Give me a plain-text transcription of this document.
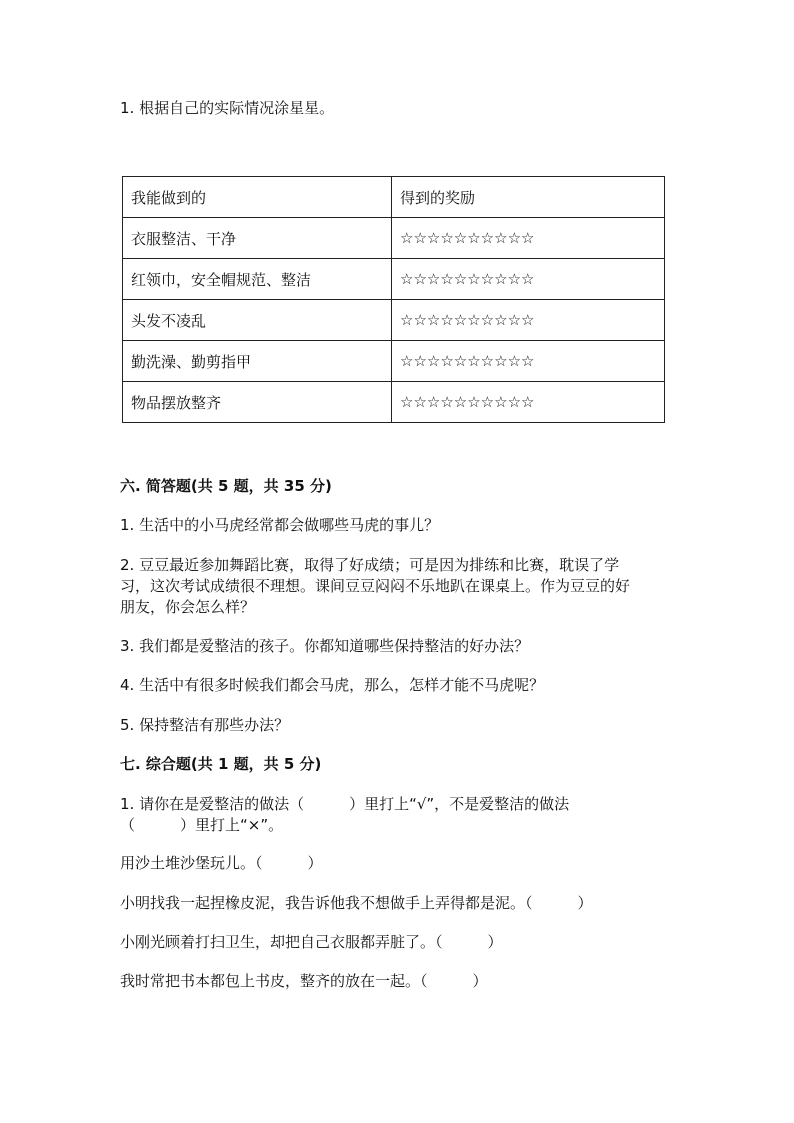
1. 根据自己的实际情况涂星星。
我能做到的	得到的奖励
衣服整洁、干净	☆☆☆☆☆☆☆☆☆☆
红领巾，安全帽规范、整洁	☆☆☆☆☆☆☆☆☆☆
头发不凌乱	☆☆☆☆☆☆☆☆☆☆
勤洗澡、勤剪指甲	☆☆☆☆☆☆☆☆☆☆
物品摆放整齐	☆☆☆☆☆☆☆☆☆☆
六. 简答题(共 5 题，共 35 分)
1. 生活中的小马虎经常都会做哪些马虎的事儿？
2. 豆豆最近参加舞蹈比赛，取得了好成绩；可是因为排练和比赛，耽误了学
习，这次考试成绩很不理想。课间豆豆闷闷不乐地趴在课桌上。作为豆豆的好
朋友，你会怎么样？
3. 我们都是爱整洁的孩子。你都知道哪些保持整洁的好办法？
4. 生活中有很多时候我们都会马虎，那么，怎样才能不马虎呢？
5. 保持整洁有那些办法？
七. 综合题(共 1 题，共 5 分)
1. 请你在是爱整洁的做法（　　　）里打上“√”，不是爱整洁的做法
（　　　）里打上“×”。
用沙土堆沙堡玩儿。（　　　）
小明找我一起捏橡皮泥，我告诉他我不想做手上弄得都是泥。（　　　）
小刚光顾着打扫卫生，却把自己衣服都弄脏了。（　　　）
我时常把书本都包上书皮，整齐的放在一起。（　　　）
